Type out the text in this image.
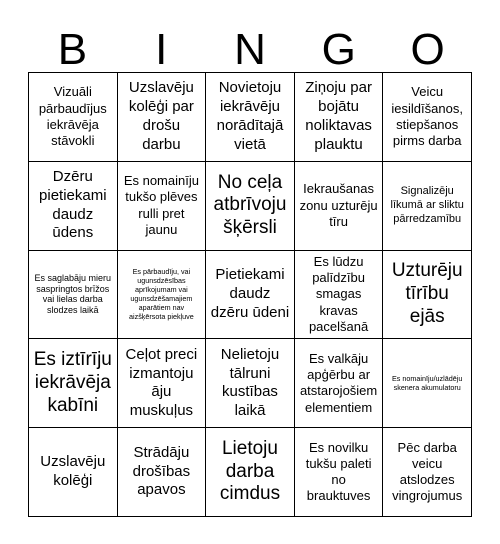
B	I	N	G	O
Vizuāli pārbaudījus iekrāvēja stāvokli
Uzslavēju kolēģi par drošu darbu
Novietoju iekrāvēju norādītajā vietā
Ziņoju par bojātu noliktavas plauktu
Veicu iesildīšanos, stiepšanos pirms darba
Dzēru pietiekami daudz ūdens
Es nomainīju tukšo plēves rulli pret jaunu
No ceļa atbrīvoju šķērsli
Iekraušanas zonu uzturēju tīru
Signalizēju līkumā ar sliktu pārredzamību
Es saglabāju mieru saspringtos brīžos vai lielas darba slodzes laikā
Es pārbaudīju, vai ugunsdzēsības aprīkojumam vai ugunsdzēšamajiem aparātiem nav aizšķērsota piekļuve
Pietiekami daudz dzēru ūdeni
Es lūdzu palīdzību smagas kravas pacelšanā
Uzturēju tīrību ejās
Es iztīrīju iekrāvēja kabīni
Ceļot preci izmantoju āju muskuļus
Nelietoju tālruni kustības laikā
Es valkāju apģērbu ar atstarojošiem elementiem
Es nomainīju/uzlādēju skenera akumulatoru
Uzslavēju kolēģi
Strādāju drošības apavos
Lietoju darba cimdus
Es novilku tukšu paleti no brauktuves
Pēc darba veicu atslodzes vingrojumus
